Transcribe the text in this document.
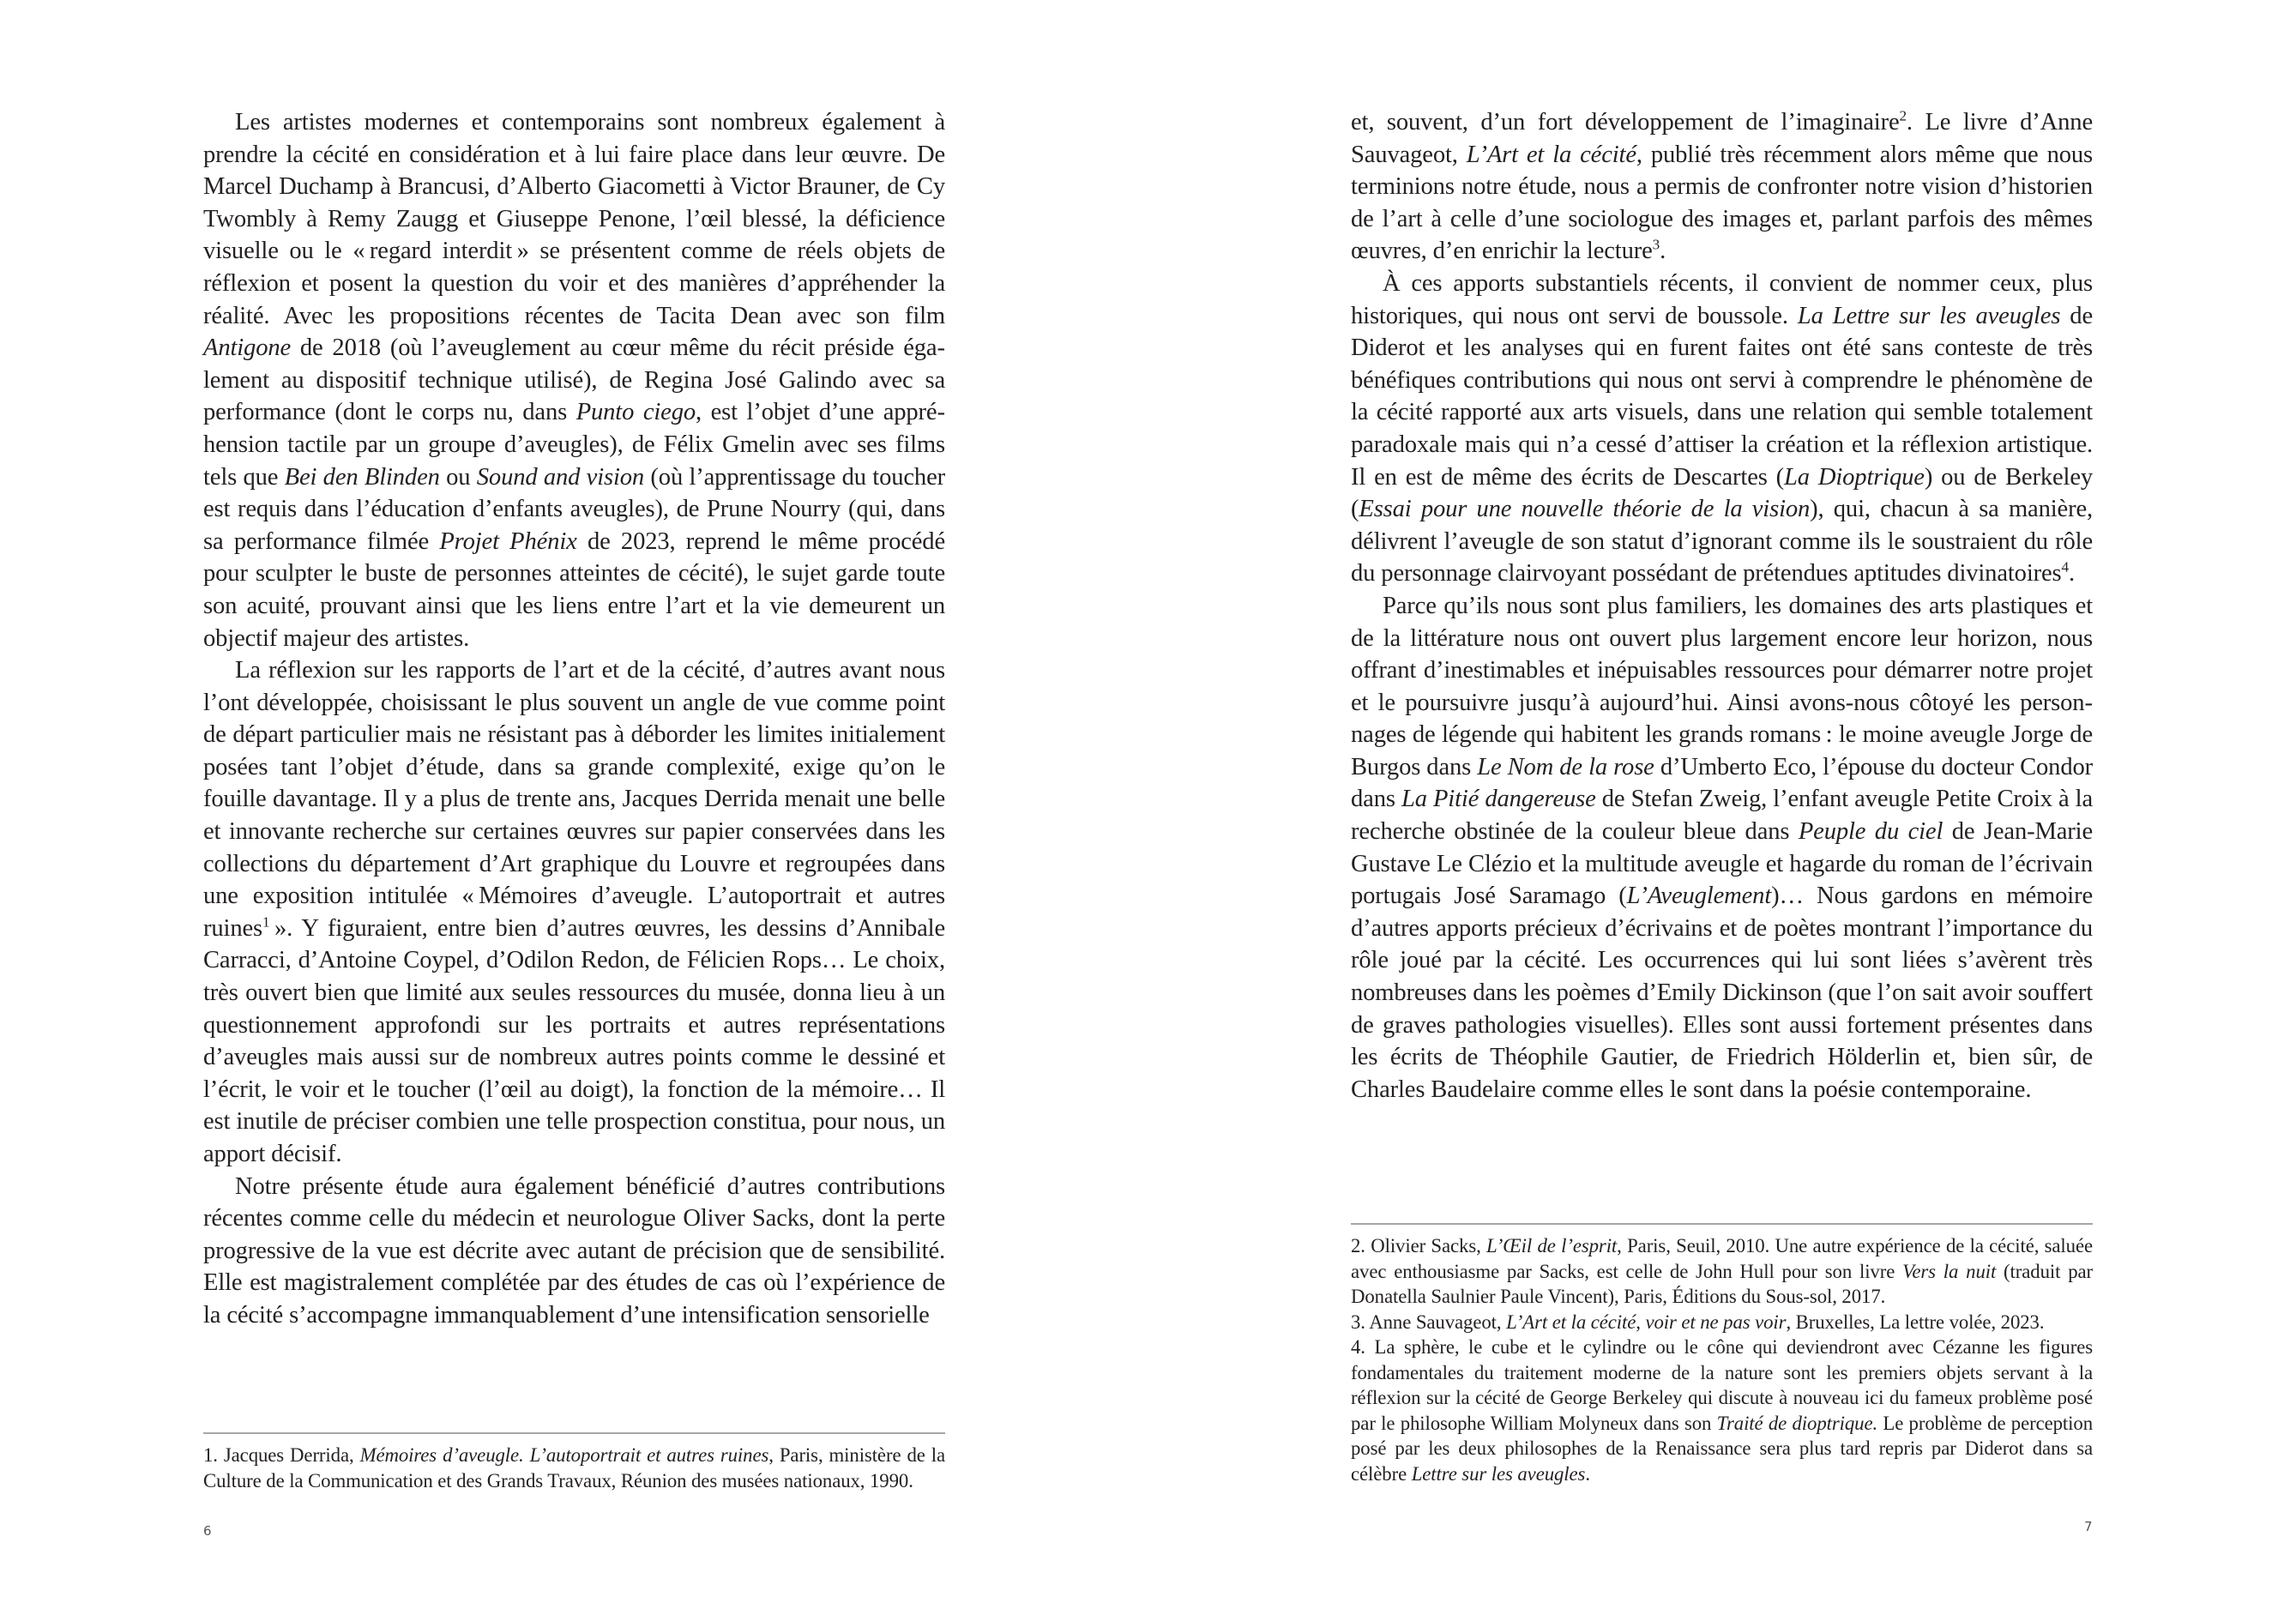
Les artistes modernes et contemporains sont nombreux également à prendre la cécité en considération et à lui faire place dans leur œuvre. De Marcel Duchamp à Brancusi, d’Alberto Giacometti à Victor Brauner, de Cy Twombly à Remy Zaugg et Giuseppe Penone, l’œil blessé, la déficience visuelle ou le « regard interdit » se présentent comme de réels objets de réflexion et posent la question du voir et des manières d’appréhender la réalité. Avec les propositions récentes de Tacita Dean avec son film Antigone de 2018 (où l’aveuglement au cœur même du récit préside également au dispositif technique utilisé), de Regina José Galindo avec sa performance (dont le corps nu, dans Punto ciego, est l’objet d’une appréhension tactile par un groupe d’aveugles), de Félix Gmelin avec ses films tels que Bei den Blinden ou Sound and vision (où l’apprentissage du toucher est requis dans l’éducation d’enfants aveugles), de Prune Nourry (qui, dans sa performance filmée Projet Phénix de 2023, reprend le même procédé pour sculpter le buste de personnes atteintes de cécité), le sujet garde toute son acuité, prouvant ainsi que les liens entre l’art et la vie demeurent un objectif majeur des artistes.

La réflexion sur les rapports de l’art et de la cécité, d’autres avant nous l’ont développée, choisissant le plus souvent un angle de vue comme point de départ particulier mais ne résistant pas à déborder les limites initialement posées tant l’objet d’étude, dans sa grande complexité, exige qu’on le fouille davantage. Il y a plus de trente ans, Jacques Derrida menait une belle et innovante recherche sur certaines œuvres sur papier conservées dans les collections du département d’Art graphique du Louvre et regroupées dans une exposition intitulée « Mémoires d’aveugle. L’autoportrait et autres ruines$^1$ ». Y figuraient, entre bien d’autres œuvres, les dessins d’Annibale Carracci, d’Antoine Coypel, d’Odilon Redon, de Félicien Rops… Le choix, très ouvert bien que limité aux seules ressources du musée, donna lieu à un questionnement approfondi sur les portraits et autres représentations d’aveugles mais aussi sur de nombreux autres points comme le dessiné et l’écrit, le voir et le toucher (l’œil au doigt), la fonction de la mémoire… Il est inutile de préciser combien une telle prospection constitua, pour nous, un apport décisif.

Notre présente étude aura également bénéficié d’autres contributions récentes comme celle du médecin et neurologue Oliver Sacks, dont la perte progressive de la vue est décrite avec autant de précision que de sensibilité. Elle est magistralement complétée par des études de cas où l’expérience de la cécité s’accompagne immanquablement d’une intensification sensorielle

1. Jacques Derrida, Mémoires d’aveugle. L’autoportrait et autres ruines, Paris, ministère de la Culture de la Communication et des Grands Travaux, Réunion des musées nationaux, 1990.

6

et, souvent, d’un fort développement de l’imaginaire$^2$. Le livre d’Anne Sauvageot, L’Art et la cécité, publié très récemment alors même que nous terminions notre étude, nous a permis de confronter notre vision d’historien de l’art à celle d’une sociologue des images et, parlant parfois des mêmes œuvres, d’en enrichir la lecture$^3$.

À ces apports substantiels récents, il convient de nommer ceux, plus historiques, qui nous ont servi de boussole. La Lettre sur les aveugles de Diderot et les analyses qui en furent faites ont été sans conteste de très bénéfiques contributions qui nous ont servi à comprendre le phénomène de la cécité rapporté aux arts visuels, dans une relation qui semble totalement paradoxale mais qui n’a cessé d’attiser la création et la réflexion artistique. Il en est de même des écrits de Descartes (La Dioptrique) ou de Berkeley (Essai pour une nouvelle théorie de la vision), qui, chacun à sa manière, délivrent l’aveugle de son statut d’ignorant comme ils le soustraient du rôle du personnage clairvoyant possédant de prétendues aptitudes divinatoires$^4$.

Parce qu’ils nous sont plus familiers, les domaines des arts plastiques et de la littérature nous ont ouvert plus largement encore leur horizon, nous offrant d’inestimables et inépuisables ressources pour démarrer notre projet et le poursuivre jusqu’à aujourd’hui. Ainsi avons-nous côtoyé les personnages de légende qui habitent les grands romans : le moine aveugle Jorge de Burgos dans Le Nom de la rose d’Umberto Eco, l’épouse du docteur Condor dans La Pitié dangereuse de Stefan Zweig, l’enfant aveugle Petite Croix à la recherche obstinée de la couleur bleue dans Peuple du ciel de Jean-Marie Gustave Le Clézio et la multitude aveugle et hagarde du roman de l’écrivain portugais José Saramago (L’Aveuglement)… Nous gardons en mémoire d’autres apports précieux d’écrivains et de poètes montrant l’importance du rôle joué par la cécité. Les occurrences qui lui sont liées s’avèrent très nombreuses dans les poèmes d’Emily Dickinson (que l’on sait avoir souffert de graves pathologies visuelles). Elles sont aussi fortement présentes dans les écrits de Théophile Gautier, de Friedrich Hölderlin et, bien sûr, de Charles Baudelaire comme elles le sont dans la poésie contemporaine.

2. Olivier Sacks, L’Œil de l’esprit, Paris, Seuil, 2010. Une autre expérience de la cécité, saluée avec enthousiasme par Sacks, est celle de John Hull pour son livre Vers la nuit (traduit par Donatella Saulnier Paule Vincent), Paris, Éditions du Sous-sol, 2017.

3. Anne Sauvageot, L’Art et la cécité, voir et ne pas voir, Bruxelles, La lettre volée, 2023.

4. La sphère, le cube et le cylindre ou le cône qui deviendront avec Cézanne les figures fondamentales du traitement moderne de la nature sont les premiers objets servant à la réflexion sur la cécité de George Berkeley qui discute à nouveau ici du fameux problème posé par le philosophe William Molyneux dans son Traité de dioptrique. Le problème de perception posé par les deux philosophes de la Renaissance sera plus tard repris par Diderot dans sa célèbre Lettre sur les aveugles.

7
